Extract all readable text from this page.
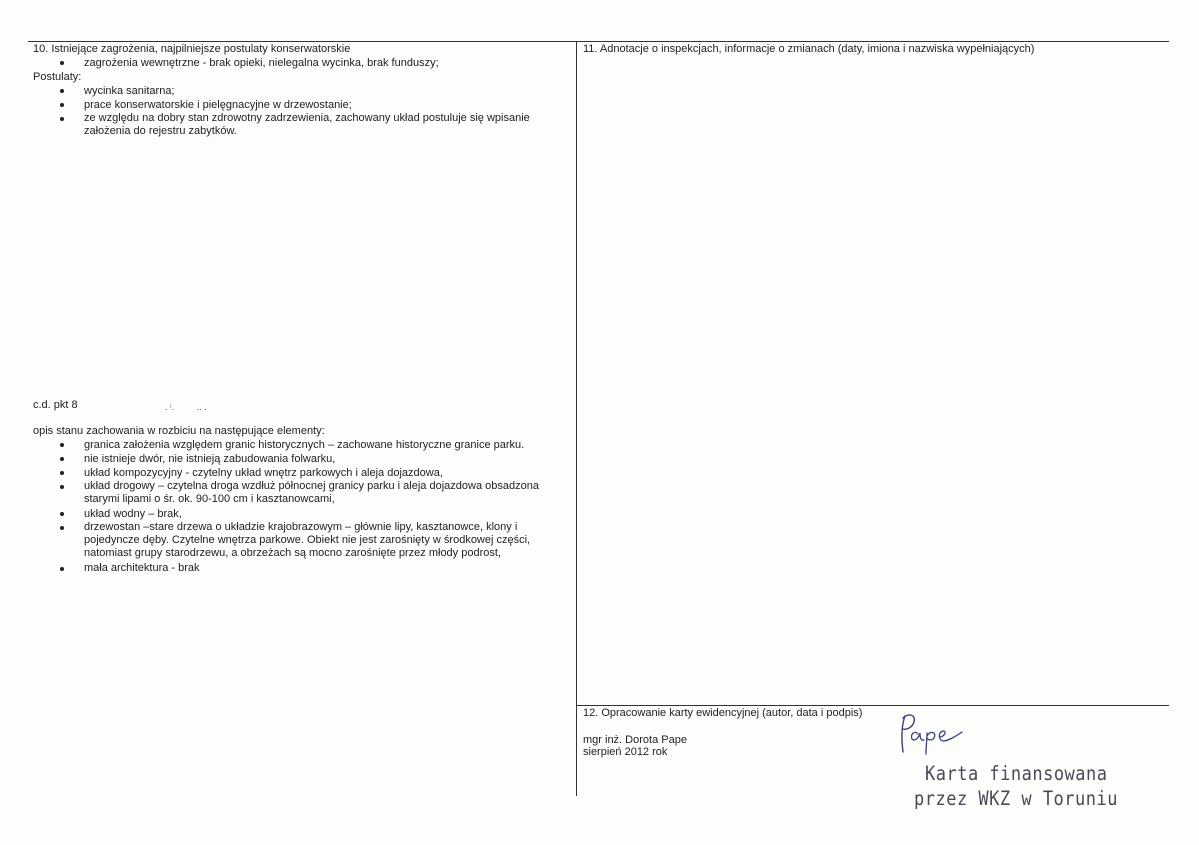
10. Istniejące zagrożenia, najpilniejsze postulaty konserwatorskie
zagrożenia wewnętrzne - brak opieki, nielegalna wycinka, brak funduszy;
Postulaty:
wycinka sanitarna;
prace konserwatorskie i pielęgnacyjne w drzewostanie;
ze względu na dobry stan zdrowotny zadrzewienia, zachowany układ postuluje się wpisanie
założenia do rejestru zabytków.
c.d. pkt 8	. ⁱ.         .. .
opis stanu zachowania w rozbiciu na następujące elementy:
granica założenia względem granic historycznych – zachowane historyczne granice parku.
nie istnieje dwór, nie istnieją zabudowania folwarku,
układ kompozycyjny - czytelny układ wnętrz parkowych i aleja dojazdowa,
układ drogowy – czytelna droga wzdłuż północnej granicy parku i aleja dojazdowa obsadzona
starymi lipami o śr. ok. 90-100 cm i kasztanowcami,
układ wodny – brak,
drzewostan –stare drzewa o układzie krajobrazowym – głównie lipy, kasztanowce, klony i
pojedyncze dęby. Czytelne wnętrza parkowe. Obiekt nie jest zarośnięty w środkowej części,
natomiast grupy starodrzewu, a obrzeżach są mocno zarośnięte przez młody podrost,
mała architektura - brak
11. Adnotacje o inspekcjach, informacje o zmianach (daty, imiona i nazwiska wypełniających)
12. Opracowanie karty ewidencyjnej (autor, data i podpis)
mgr inż. Dorota Pape
sierpień 2012 rok
Karta finansowana
przez WKZ w Toruniu
